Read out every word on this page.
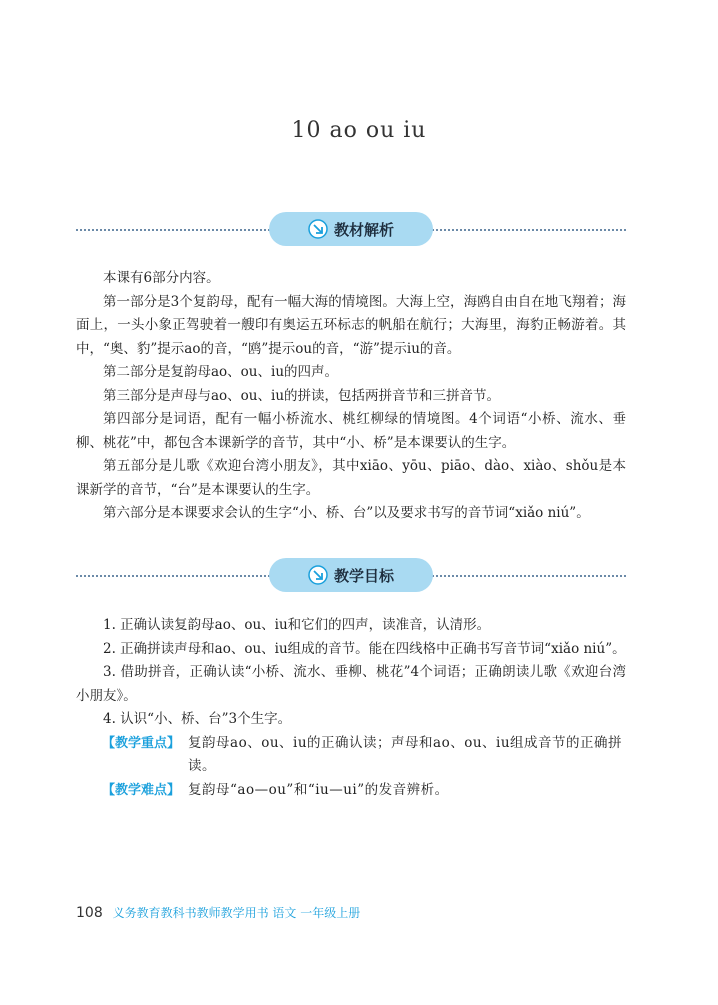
10 ao ou iu
教材解析

本课有6部分内容。

第一部分是3个复韵母，配有一幅大海的情境图。大海上空，海鸥自由自在地飞翔着；海面上，一头小象正驾驶着一艘印有奥运五环标志的帆船在航行；大海里，海豹正畅游着。其中，“奥、豹”提示ao的音，“鸥”提示ou的音，“游”提示iu的音。

第二部分是复韵母ao、ou、iu的四声。

第三部分是声母与ao、ou、iu的拼读，包括两拼音节和三拼音节。

第四部分是词语，配有一幅小桥流水、桃红柳绿的情境图。4个词语“小桥、流水、垂柳、桃花”中，都包含本课新学的音节，其中“小、桥”是本课要认的生字。

第五部分是儿歌《欢迎台湾小朋友》，其中xiāo、yōu、piāo、dào、xiào、shǒu是本课新学的音节，“台”是本课要认的生字。

第六部分是本课要求会认的生字“小、桥、台”以及要求书写的音节词“xiǎo niú”。

教学目标

1. 正确认读复韵母ao、ou、iu和它们的四声，读准音，认清形。

2. 正确拼读声母和ao、ou、iu组成的音节。能在四线格中正确书写音节词“xiǎo niú”。

3. 借助拼音，正确认读“小桥、流水、垂柳、桃花”4个词语；正确朗读儿歌《欢迎台湾小朋友》。

4. 认识“小、桥、台”3个生字。

【教学重点】 复韵母ao、ou、iu的正确认读；声母和ao、ou、iu组成音节的正确拼读。
【教学难点】 复韵母“ao—ou”和“iu—ui”的发音辨析。
108 义务教育教科书教师教学用书 语文 一年级上册
